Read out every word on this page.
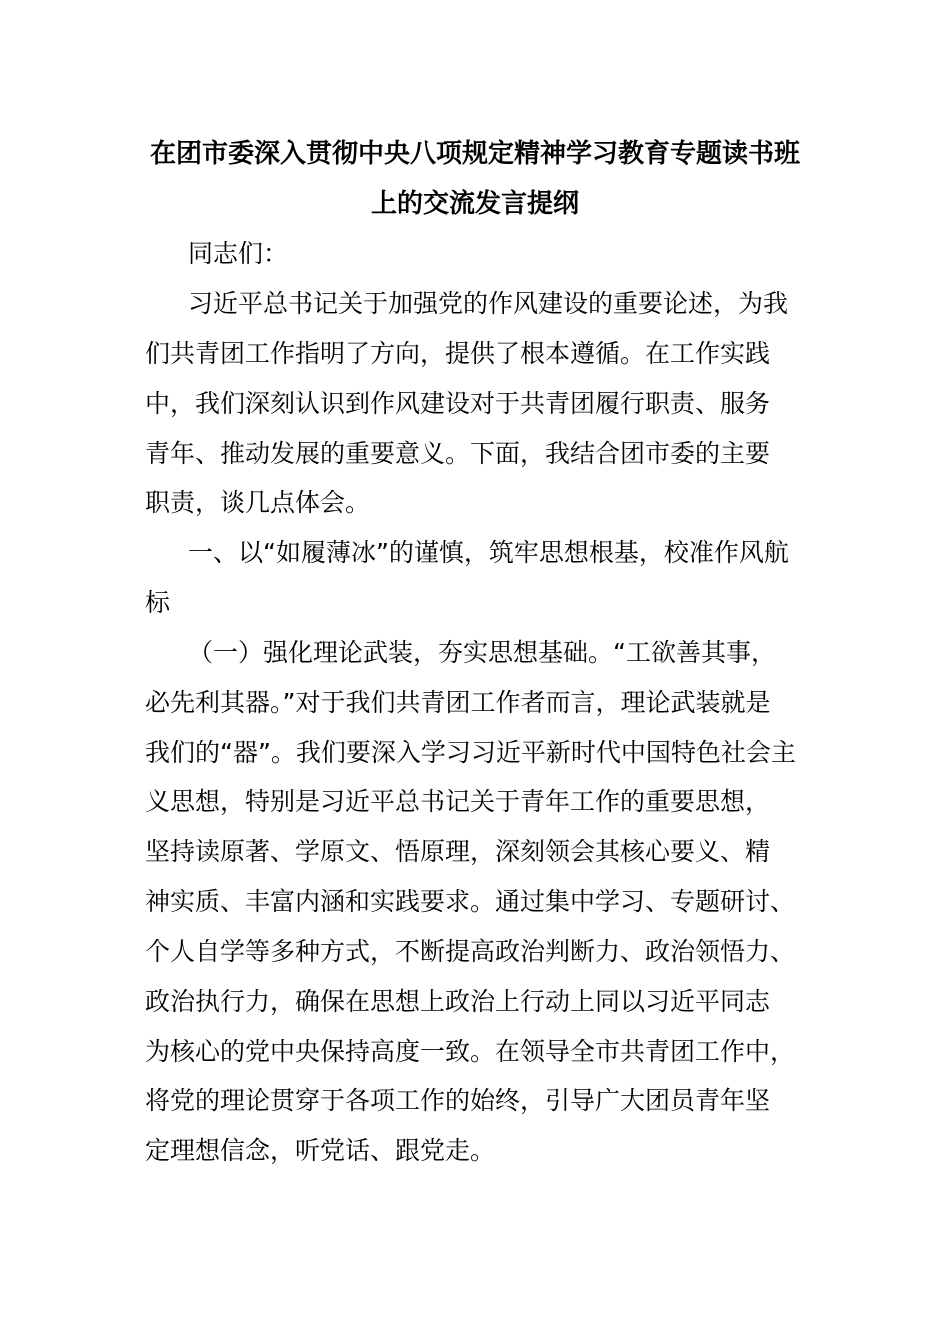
在团市委深入贯彻中央八项规定精神学习教育专题读书班
上的交流发言提纲
同志们：
习近平总书记关于加强党的作风建设的重要论述，为我
们共青团工作指明了方向，提供了根本遵循。在工作实践
中，我们深刻认识到作风建设对于共青团履行职责、服务
青年、推动发展的重要意义。下面，我结合团市委的主要
职责，谈几点体会。
一、以“如履薄冰”的谨慎，筑牢思想根基，校准作风航
标
（一）强化理论武装，夯实思想基础。“工欲善其事，
必先利其器。”对于我们共青团工作者而言，理论武装就是
我们的“器”。我们要深入学习习近平新时代中国特色社会主
义思想，特别是习近平总书记关于青年工作的重要思想，
坚持读原著、学原文、悟原理，深刻领会其核心要义、精
神实质、丰富内涵和实践要求。通过集中学习、专题研讨、
个人自学等多种方式，不断提高政治判断力、政治领悟力、
政治执行力，确保在思想上政治上行动上同以习近平同志
为核心的党中央保持高度一致。在领导全市共青团工作中，
将党的理论贯穿于各项工作的始终，引导广大团员青年坚
定理想信念，听党话、跟党走。
